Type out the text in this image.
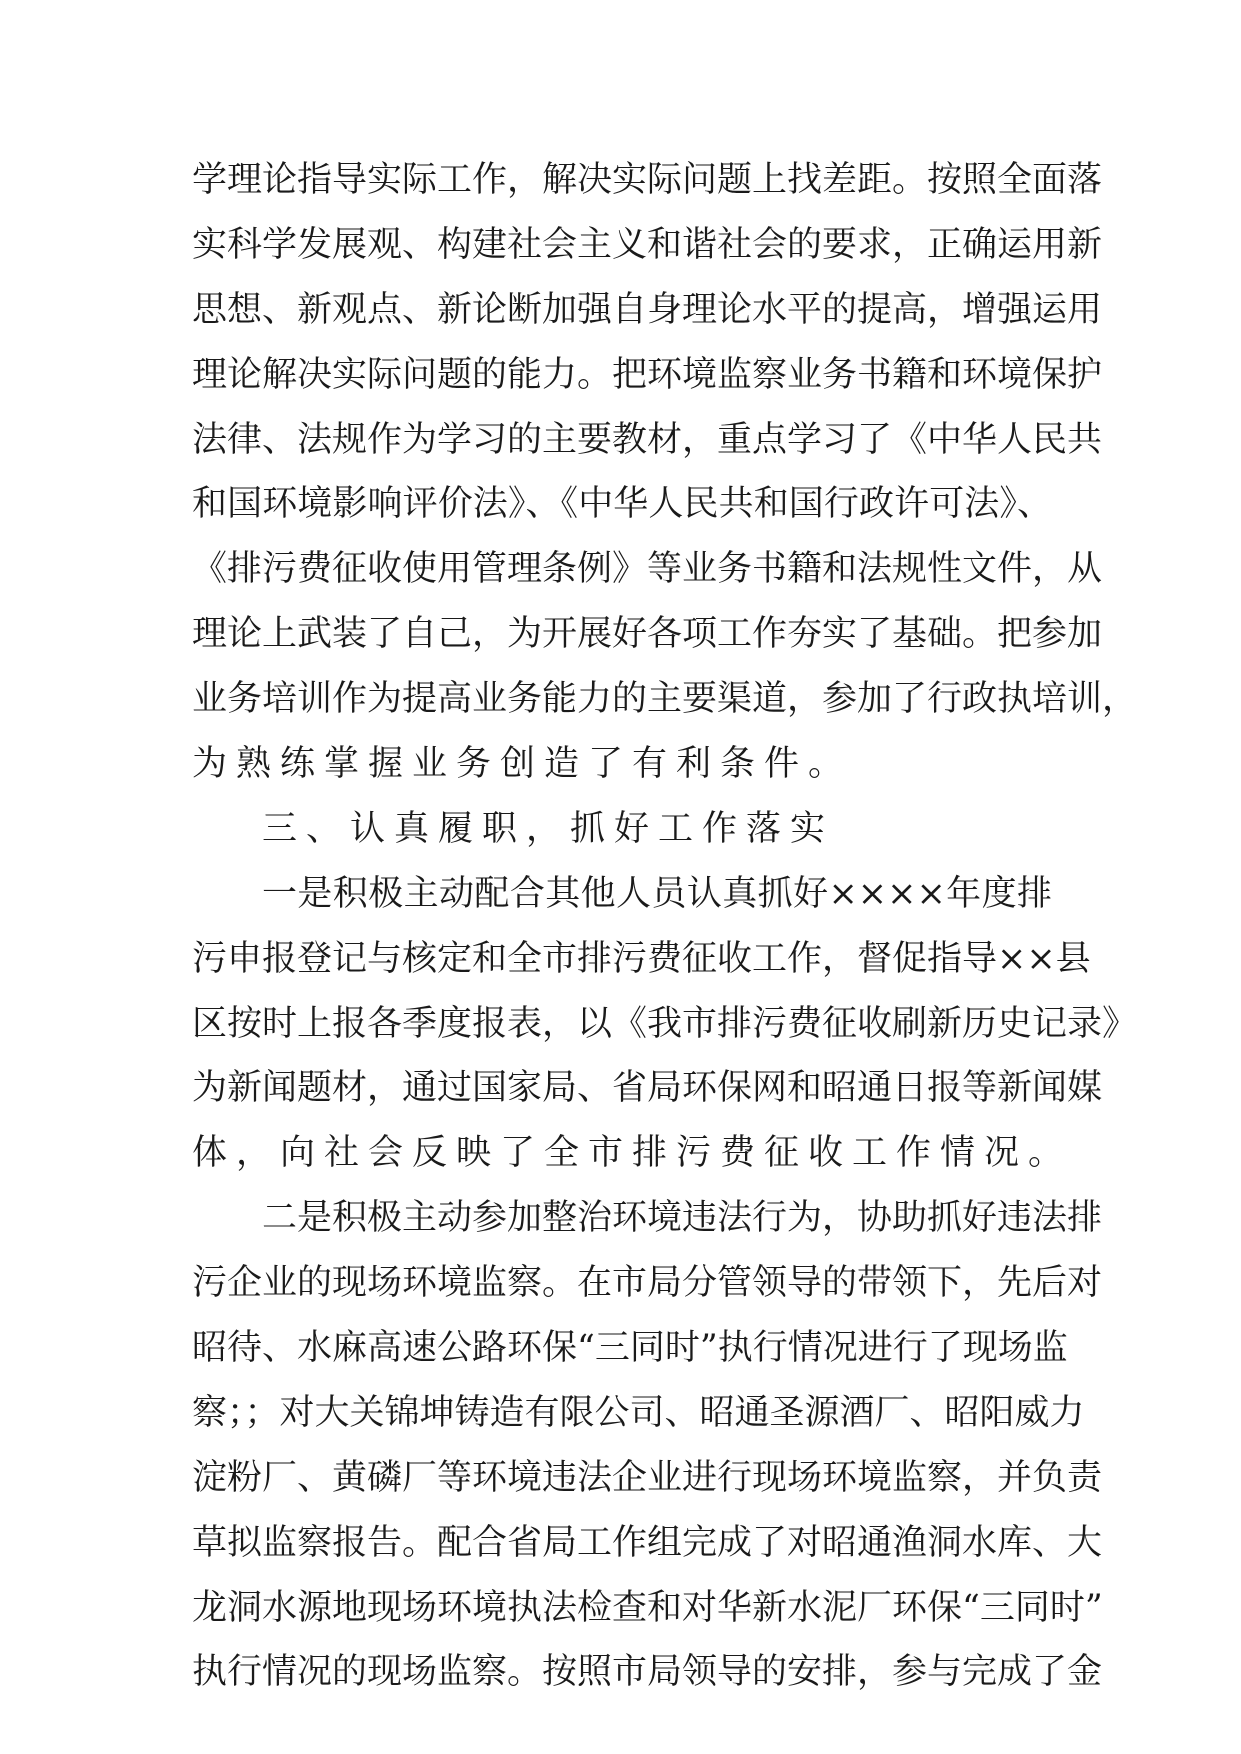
学理论指导实际工作，解决实际问题上找差距。按照全面落
实科学发展观、构建社会主义和谐社会的要求，正确运用新
思想、新观点、新论断加强自身理论水平的提高，增强运用
理论解决实际问题的能力。把环境监察业务书籍和环境保护
法律、法规作为学习的主要教材，重点学习了《中华人民共
和国环境影响评价法》、《中华人民共和国行政许可法》、
《排污费征收使用管理条例》等业务书籍和法规性文件，从
理论上武装了自己，为开展好各项工作夯实了基础。把参加
业务培训作为提高业务能力的主要渠道，参加了行政执培训，
为熟练掌握业务创造了有利条件。
三、认真履职，抓好工作落实
一是积极主动配合其他人员认真抓好××××年度排
污申报登记与核定和全市排污费征收工作，督促指导××县
区按时上报各季度报表，以《我市排污费征收刷新历史记录》
为新闻题材，通过国家局、省局环保网和昭通日报等新闻媒
体，向社会反映了全市排污费征收工作情况。
二是积极主动参加整治环境违法行为，协助抓好违法排
污企业的现场环境监察。在市局分管领导的带领下，先后对
昭待、水麻高速公路环保“三同时”执行情况进行了现场监
察；；对大关锦坤铸造有限公司、昭通圣源酒厂、昭阳威力
淀粉厂、黄磷厂等环境违法企业进行现场环境监察，并负责
草拟监察报告。配合省局工作组完成了对昭通渔洞水库、大
龙洞水源地现场环境执法检查和对华新水泥厂环保“三同时”
执行情况的现场监察。按照市局领导的安排，参与完成了金
